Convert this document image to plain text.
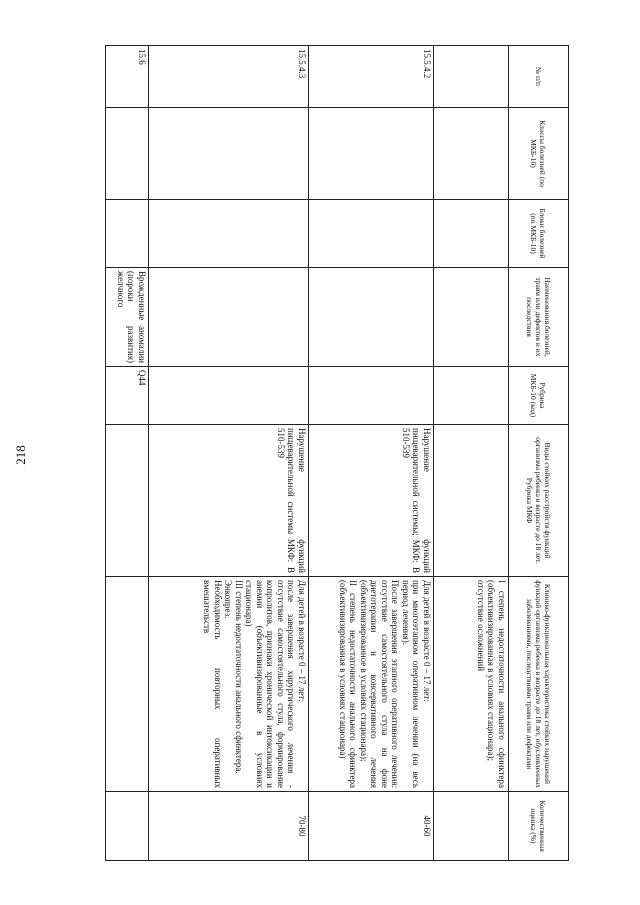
218
№ п/п	Классы болезней (по МКБ-10)	Блоки болезней (по МКБ-10)	Наименования болезней, травм или дефектов и их последствия	Рубрика МКБ-10 (код)	Виды стойких расстройств функций организма ребенка в возрасте до 18 лет. Рубрика МКФ	Клинико-функциональная характеристика стойких нарушений функций организма ребенка в возрасте до 18 лет, обусловленных заболеваниями, последствиями травм или дефектами	Количественная оценка (%)

						I степень недостаточности анального сфинктера (объективизированная в условиях стационара);
отсутствие осложнений	

15.5.4.2					Нарушение функций пищеварительной системы; МКФ: В 510-539	Для детей в возрасте 0 – 17 лет:
при многоэтапном оперативном лечении (на весь период лечения).
После завершения этапного оперативного лечения: отсутствие самостоятельного стула на фоне диетотерапии и консервативного лечения (объективизированное в условиях стационара);
II степень недостаточности анального сфинктера (объективизированная в условиях стационара)	40-60
15.5.4.3					Нарушение функций пищеварительной системы МКФ: В 510-539	Для детей в возрасте 0 – 17 лет:
после завершения хирургического лечения - отсутствие самостоятельного стула, формирование копролитов, признаки хронической интоксикации и анемии (объективизированные в условиях стационара)
III степень недостаточности анального сфинктера.
Энкопрез.
Необходимость повторных оперативных вмешательств	70-80
15.6			Врожденные аномалии (пороки развития) желчного	Q44			
